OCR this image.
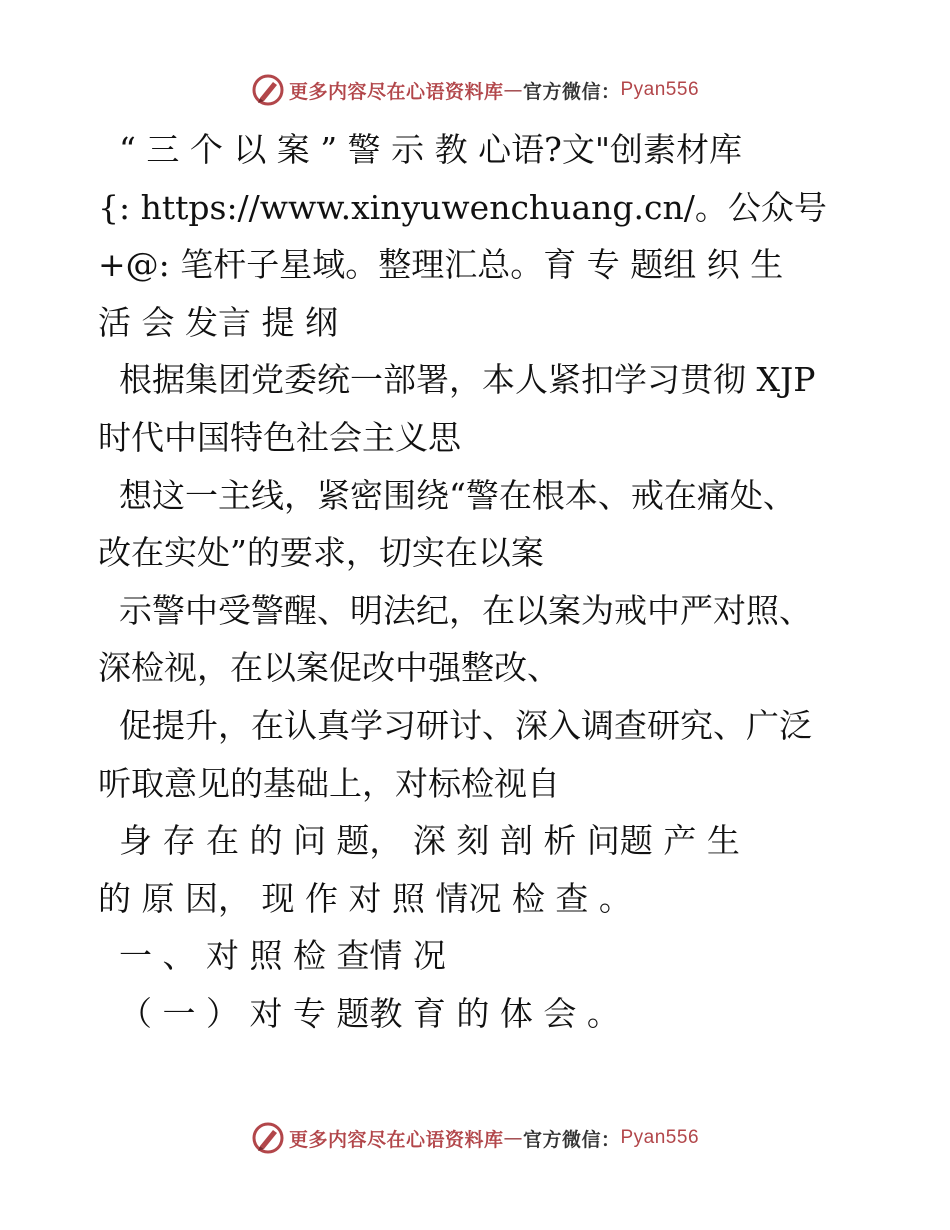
更多内容尽在心语资料库 — 官方微信： Pyan556
“ 三 个 以 案 ” 警 示 教 心语?文"创素材库
{: https://www.xinyuwenchuang.cn/。公众号
+@: 笔杆子星域。整理汇总。育 专 题组 织 生
活 会 发言 提 纲
根据集团党委统一部署，本人紧扣学习贯彻 XJP
时代中国特色社会主义思
想这一主线，紧密围绕“警在根本、戒在痛处、
改在实处”的要求，切实在以案
示警中受警醒、明法纪，在以案为戒中严对照、
深检视，在以案促改中强整改、
促提升，在认真学习研讨、深入调查研究、广泛
听取意见的基础上，对标检视自
身 存 在 的 问 题， 深 刻 剖 析 问题 产 生
的 原 因， 现 作 对 照 情况 检 查 。
一 、 对 照 检 查情 况
（ 一 ） 对 专 题教 育 的 体 会 。
更多内容尽在心语资料库 — 官方微信： Pyan556
